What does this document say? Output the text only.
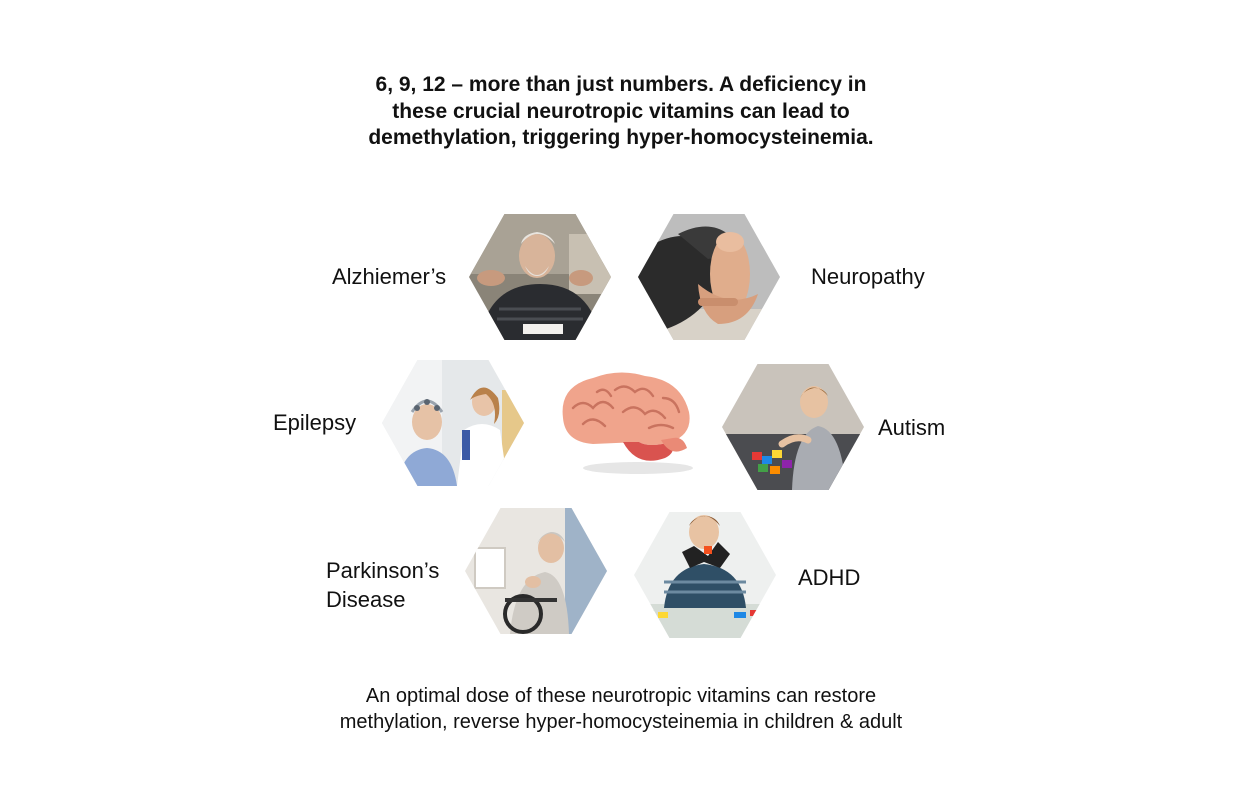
6, 9, 12 – more than just numbers. A deficiency in
these crucial neurotropic vitamins can lead to
demethylation, triggering hyper-homocysteinemia.
Alzhiemer’s	Neuropathy
Epilepsy	Autism
Parkinson’s
Disease
ADHD
An optimal dose of these neurotropic vitamins can restore
methylation, reverse hyper-homocysteinemia in children & adult
